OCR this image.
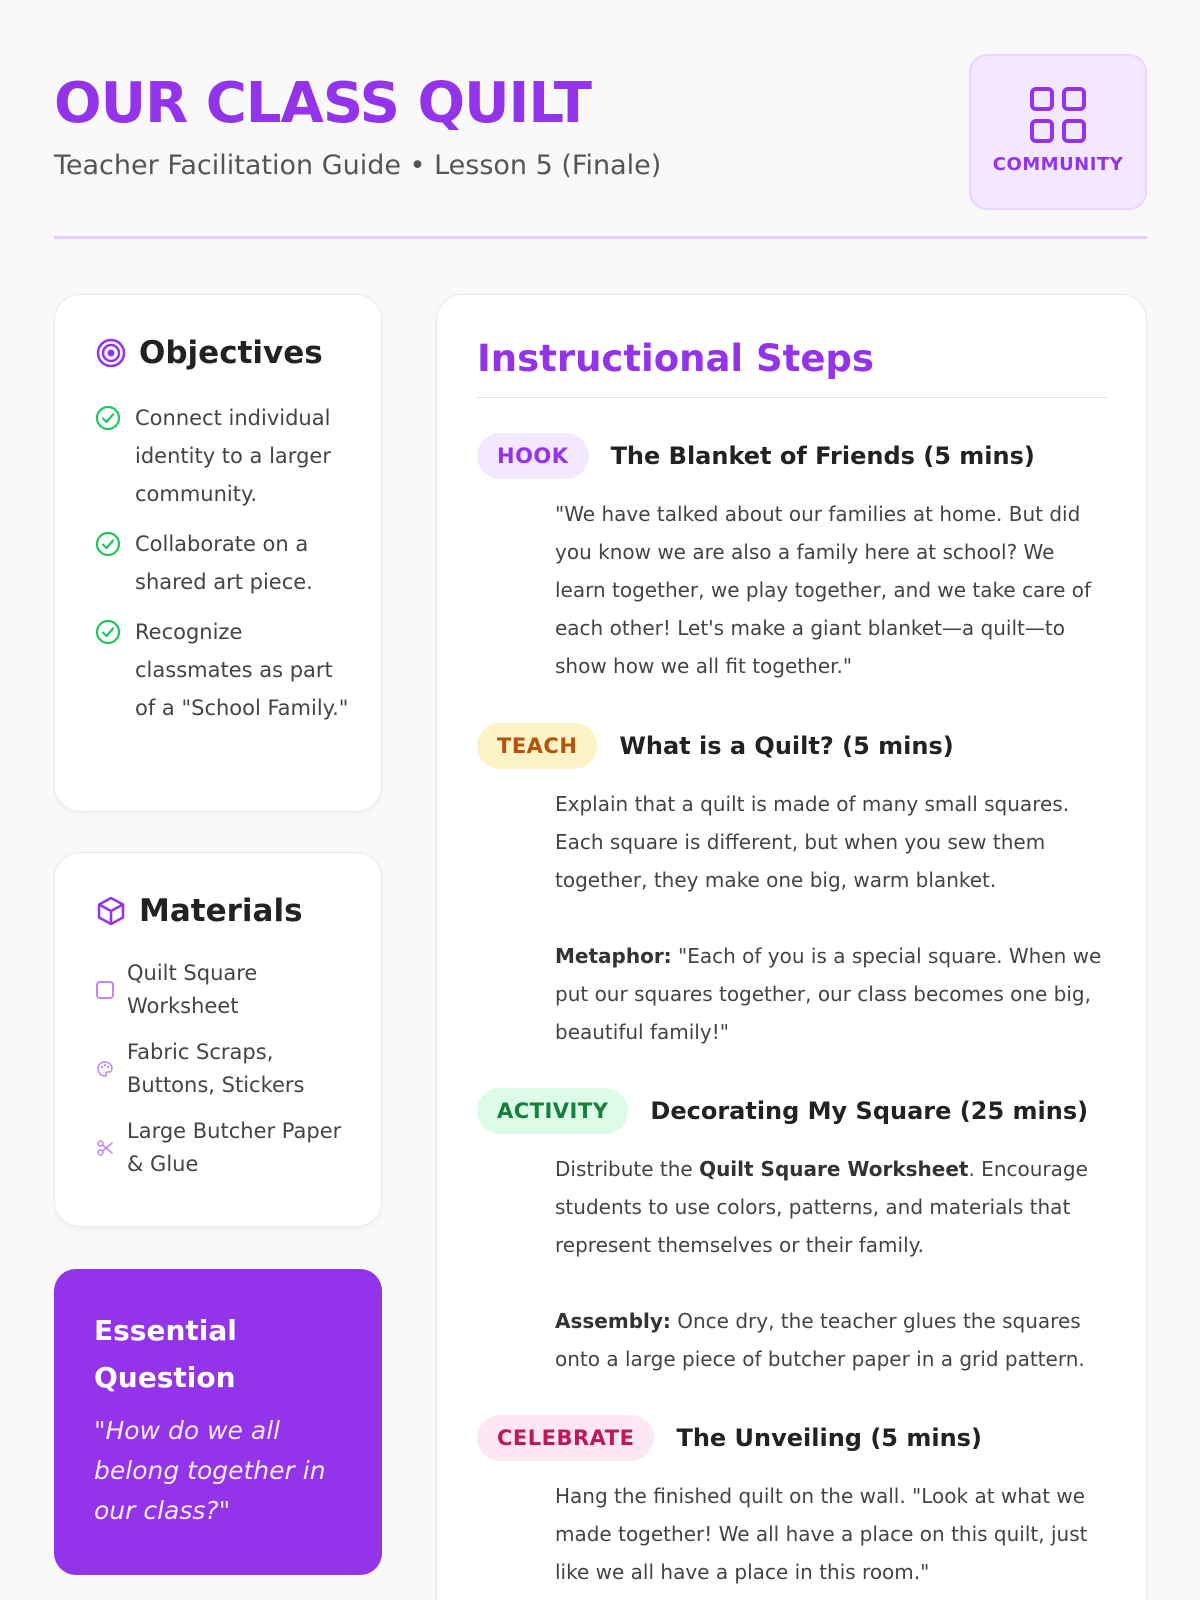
OUR CLASS QUILT
Teacher Facilitation Guide • Lesson 5 (Finale)	COMMUNITY
Objectives
Connect individual identity to a larger community.
Collaborate on a shared art piece.
Recognize classmates as part of a "School Family."
Materials
Quilt Square Worksheet
Fabric Scraps, Buttons, Stickers
Large Butcher Paper & Glue
Essential Question
"How do we all belong together in our class?"
Instructional Steps
HOOK	The Blanket of Friends (5 mins)

"We have talked about our families at home. But did you know we are also a family here at school? We learn together, we play together, and we take care of each other! Let's make a giant blanket—a quilt—to show how we all fit together."

TEACH	What is a Quilt? (5 mins)

Explain that a quilt is made of many small squares. Each square is different, but when you sew them together, they make one big, warm blanket.

Metaphor: "Each of you is a special square. When we put our squares together, our class becomes one big, beautiful family!"

ACTIVITY	Decorating My Square (25 mins)

Distribute the Quilt Square Worksheet. Encourage students to use colors, patterns, and materials that represent themselves or their family.

Assembly: Once dry, the teacher glues the squares onto a large piece of butcher paper in a grid pattern.

CELEBRATE	The Unveiling (5 mins)

Hang the finished quilt on the wall. "Look at what we made together! We all have a place on this quilt, just like we all have a place in this room."
